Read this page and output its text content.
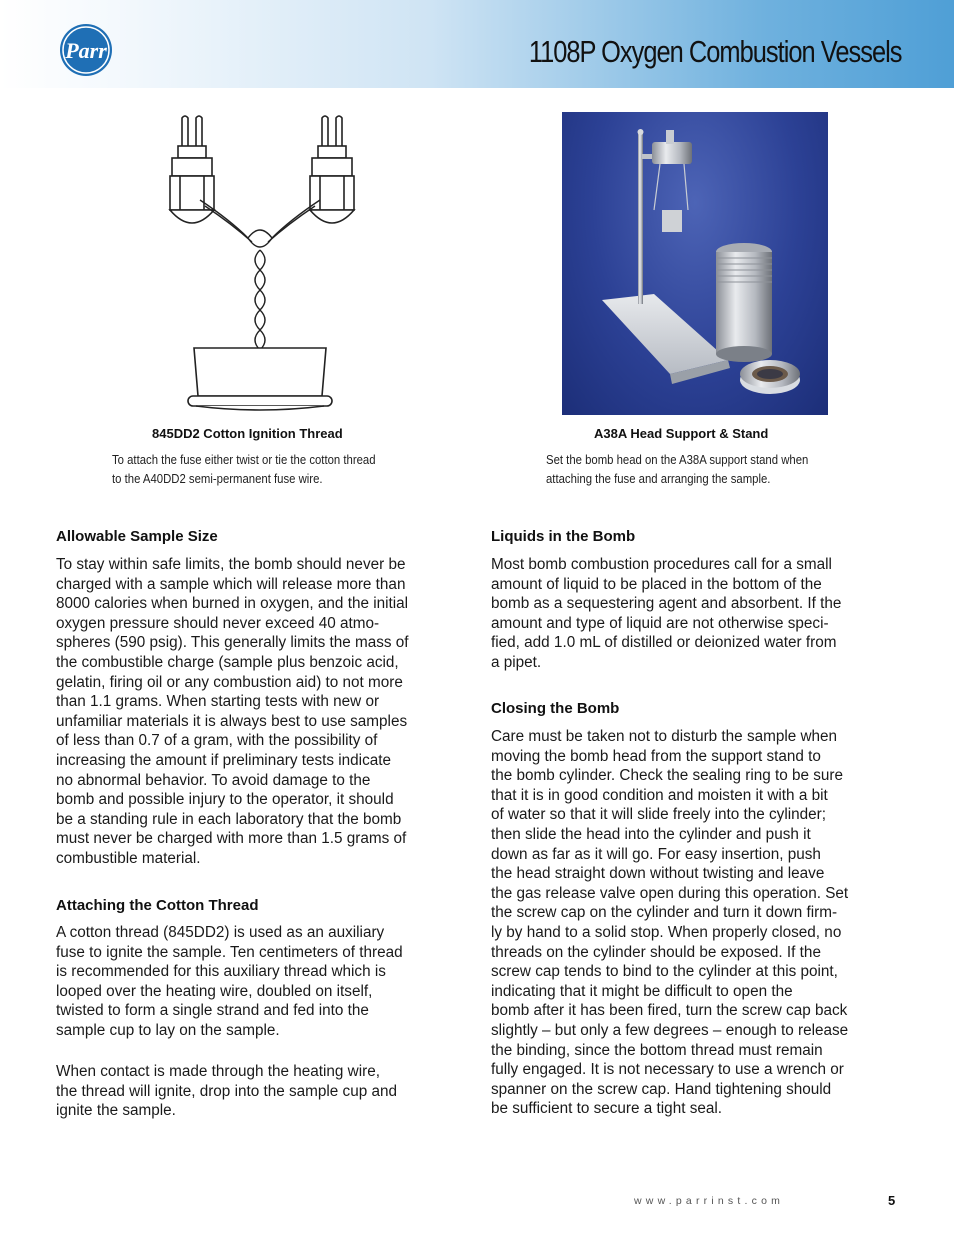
Parr	1108P Oxygen Combustion Vessels
845DD2 Cotton Ignition Thread
To attach the fuse either twist or tie the cotton thread
to the A40DD2 semi-permanent fuse wire.
A38A Head Support & Stand
Set the bomb head on the A38A support stand when
attaching the fuse and arranging the sample.
Allowable Sample Size
To stay within safe limits, the bomb should never be
charged with a sample which will release more than
8000 calories when burned in oxygen, and the initial
oxygen pressure should never exceed 40 atmo-
spheres (590 psig). This generally limits the mass of
the combustible charge (sample plus benzoic acid,
gelatin, firing oil or any combustion aid) to not more
than 1.1 grams. When starting tests with new or
unfamiliar materials it is always best to use samples
of less than 0.7 of a gram, with the possibility of
increasing the amount if preliminary tests indicate
no abnormal behavior. To avoid damage to the
bomb and possible injury to the operator, it should
be a standing rule in each laboratory that the bomb
must never be charged with more than 1.5 grams of
combustible material.
Attaching the Cotton Thread
A cotton thread (845DD2) is used as an auxiliary
fuse to ignite the sample. Ten centimeters of thread
is recommended for this auxiliary thread which is
looped over the heating wire, doubled on itself,
twisted to form a single strand and fed into the
sample cup to lay on the sample.
When contact is made through the heating wire,
the thread will ignite, drop into the sample cup and
ignite the sample.
Liquids in the Bomb
Most bomb combustion procedures call for a small
amount of liquid to be placed in the bottom of the
bomb as a sequestering agent and absorbent. If the
amount and type of liquid are not otherwise speci-
fied, add 1.0 mL of distilled or deionized water from
a pipet.
Closing the Bomb
Care must be taken not to disturb the sample when
moving the bomb head from the support stand to
the bomb cylinder. Check the sealing ring to be sure
that it is in good condition and moisten it with a bit
of water so that it will slide freely into the cylinder;
then slide the head into the cylinder and push it
down as far as it will go. For easy insertion, push
the head straight down without twisting and leave
the gas release valve open during this operation. Set
the screw cap on the cylinder and turn it down firm-
ly by hand to a solid stop. When properly closed, no
threads on the cylinder should be exposed. If the
screw cap tends to bind to the cylinder at this point,
indicating that it might be difficult to open the
bomb after it has been fired, turn the screw cap back
slightly – but only a few degrees – enough to release
the binding, since the bottom thread must remain
fully engaged. It is not necessary to use a wrench or
spanner on the screw cap. Hand tightening should
be sufficient to secure a tight seal.
www.parrinst.com	5
